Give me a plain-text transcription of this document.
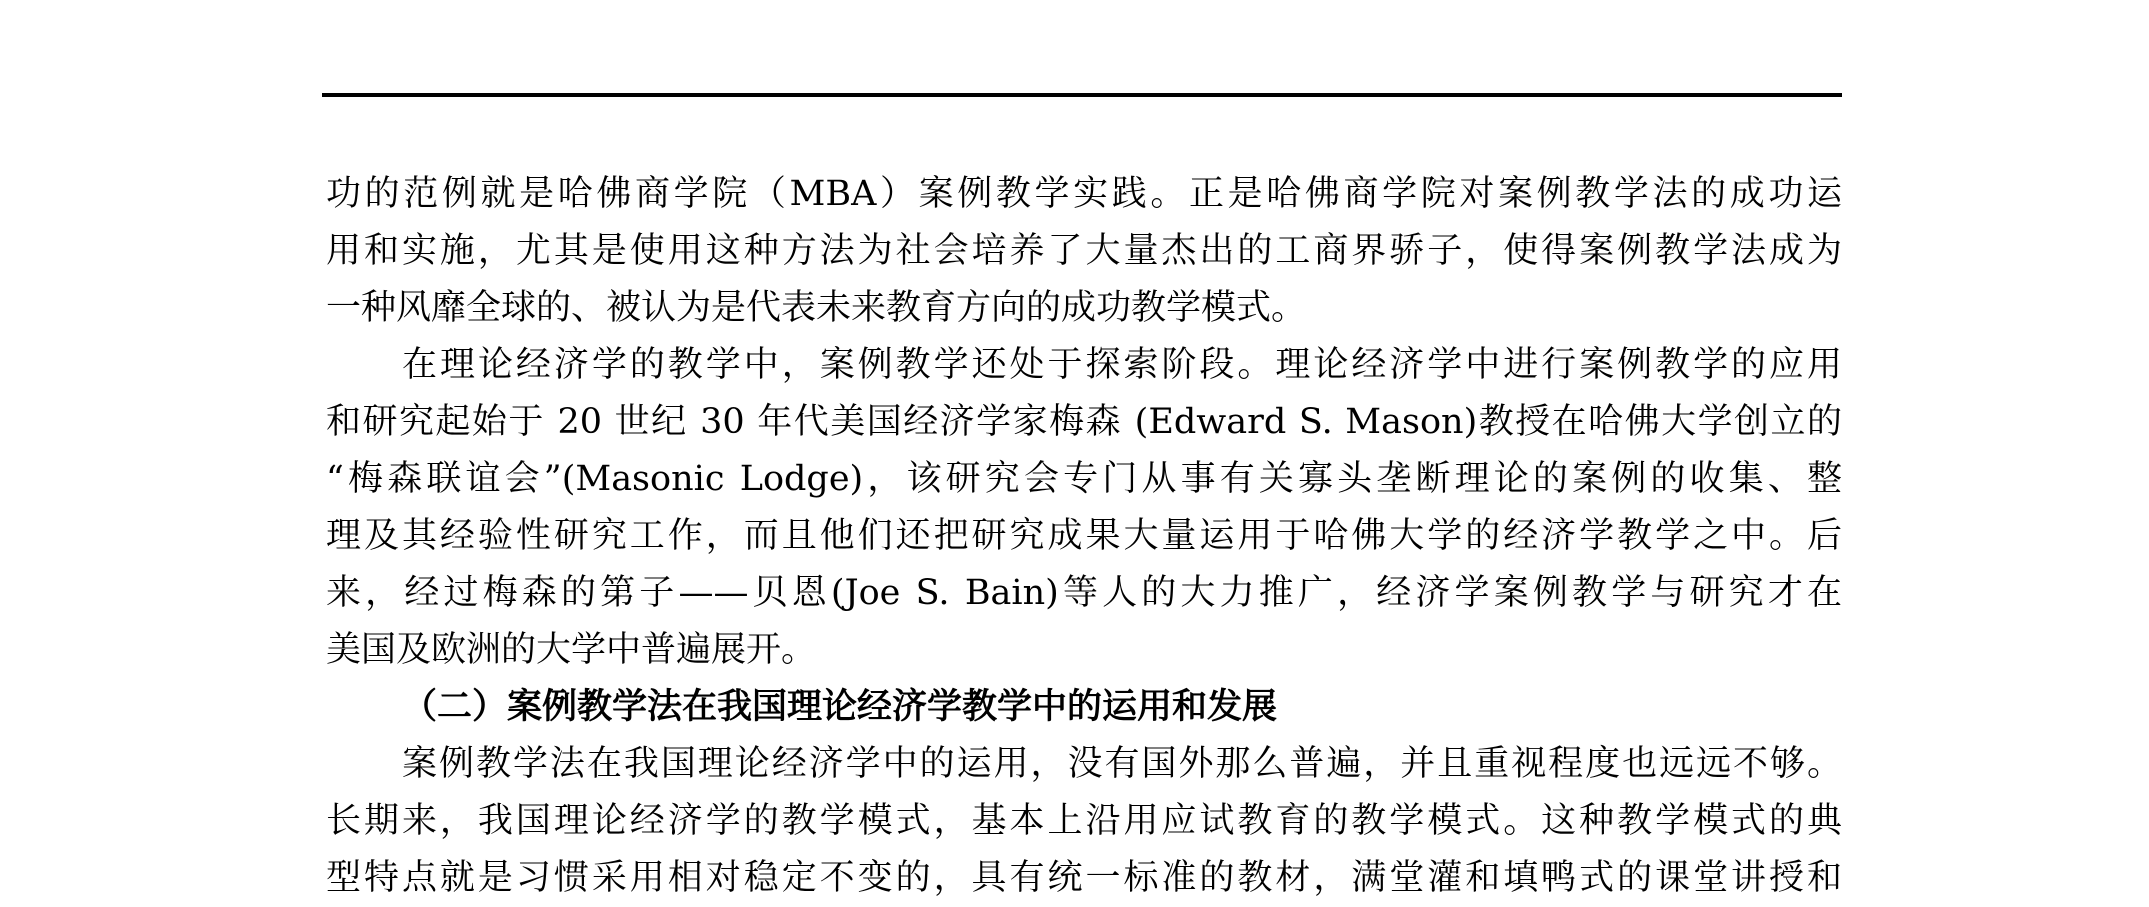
功的范例就是哈佛商学院（MBA）案例教学实践。正是哈佛商学院对案例教学法的成功运
用和实施，尤其是使用这种方法为社会培养了大量杰出的工商界骄子，使得案例教学法成为
一种风靡全球的、被认为是代表未来教育方向的成功教学模式。
在理论经济学的教学中，案例教学还处于探索阶段。理论经济学中进行案例教学的应用
和研究起始于 20 世纪 30 年代美国经济学家梅森 (Edward S. Mason)教授在哈佛大学创立的
“梅森联谊会”(Masonic Lodge)，该研究会专门从事有关寡头垄断理论的案例的收集、整
理及其经验性研究工作，而且他们还把研究成果大量运用于哈佛大学的经济学教学之中。后
来，经过梅森的第子——贝恩(Joe S. Bain)等人的大力推广，经济学案例教学与研究才在
美国及欧洲的大学中普遍展开。
（二）案例教学法在我国理论经济学教学中的运用和发展
案例教学法在我国理论经济学中的运用，没有国外那么普遍，并且重视程度也远远不够。
长期来，我国理论经济学的教学模式，基本上沿用应试教育的教学模式。这种教学模式的典
型特点就是习惯采用相对稳定不变的，具有统一标准的教材，满堂灌和填鸭式的课堂讲授和
